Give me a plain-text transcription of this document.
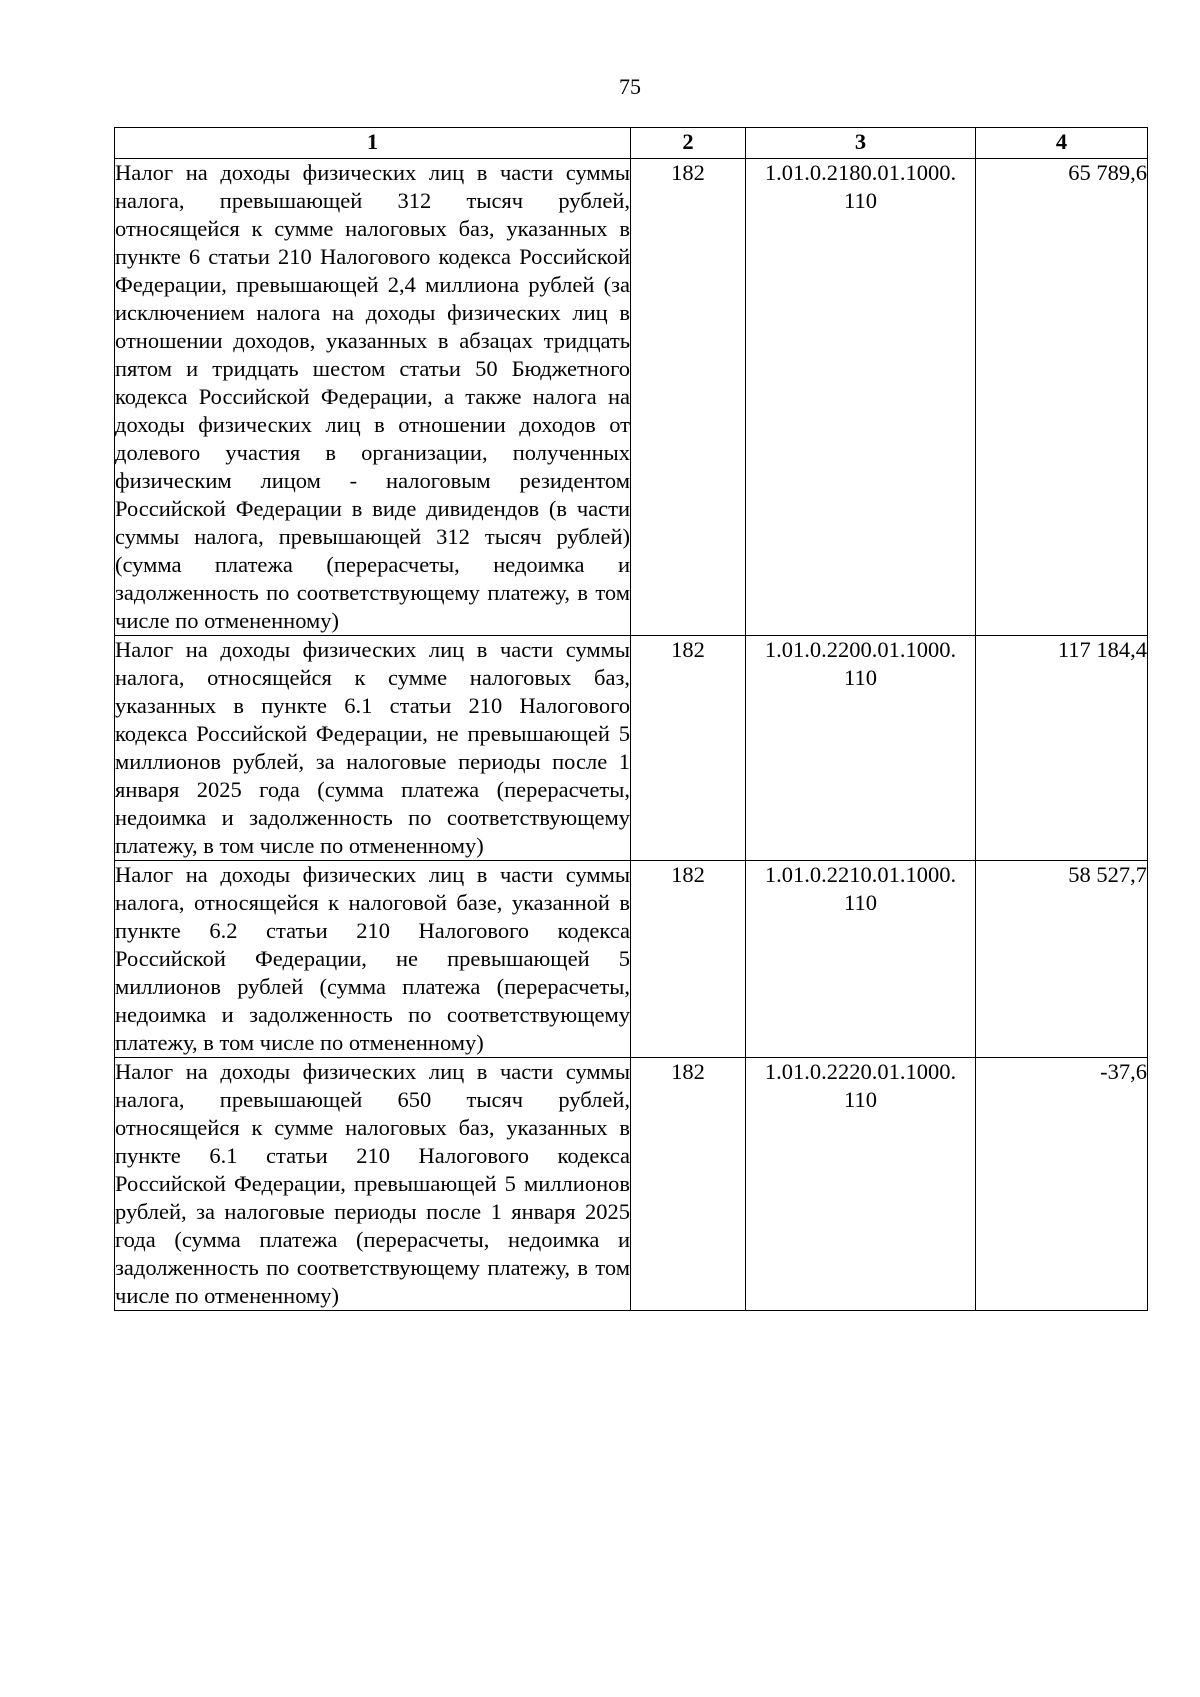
75
1	2	3	4
Налог на доходы физических лиц в части суммы налога, превышающей 312 тысяч рублей, относящейся к сумме налоговых баз, указанных в пункте 6 статьи 210 Налогового кодекса Российской Федерации, превышающей 2,4 миллиона рублей (за исключением налога на доходы физических лиц в отношении доходов, указанных в абзацах тридцать пятом и тридцать шестом статьи 50 Бюджетного кодекса Российской Федерации, а также налога на доходы физических лиц в отношении доходов от долевого участия в организации, полученных физическим лицом - налоговым резидентом Российской Федерации в виде дивидендов (в части суммы налога, превышающей 312 тысяч рублей) (сумма платежа (перерасчеты, недоимка и задолженность по соответствующему платежу, в том числе по отмененному)	182	1.01.0.2180.01.1000. 110	65 789,6
Налог на доходы физических лиц в части суммы налога, относящейся к сумме налоговых баз, указанных в пункте 6.1 статьи 210 Налогового кодекса Российской Федерации, не превышающей 5 миллионов рублей, за налоговые периоды после 1 января 2025 года (сумма платежа (перерасчеты, недоимка и задолженность по соответствующему платежу, в том числе по отмененному)	182	1.01.0.2200.01.1000. 110	117 184,4
Налог на доходы физических лиц в части суммы налога, относящейся к налоговой базе, указанной в пункте 6.2 статьи 210 Налогового кодекса Российской Федерации, не превышающей 5 миллионов рублей (сумма платежа (перерасчеты, недоимка и задолженность по соответствующему платежу, в том числе по отмененному)	182	1.01.0.2210.01.1000. 110	58 527,7
Налог на доходы физических лиц в части суммы налога, превышающей 650 тысяч рублей, относящейся к сумме налоговых баз, указанных в пункте 6.1 статьи 210 Налогового кодекса Российской Федерации, превышающей 5 миллионов рублей, за налоговые периоды после 1 января 2025 года (сумма платежа (перерасчеты, недоимка и задолженность по соответствующему платежу, в том числе по отмененному)	182	1.01.0.2220.01.1000. 110	-37,6
